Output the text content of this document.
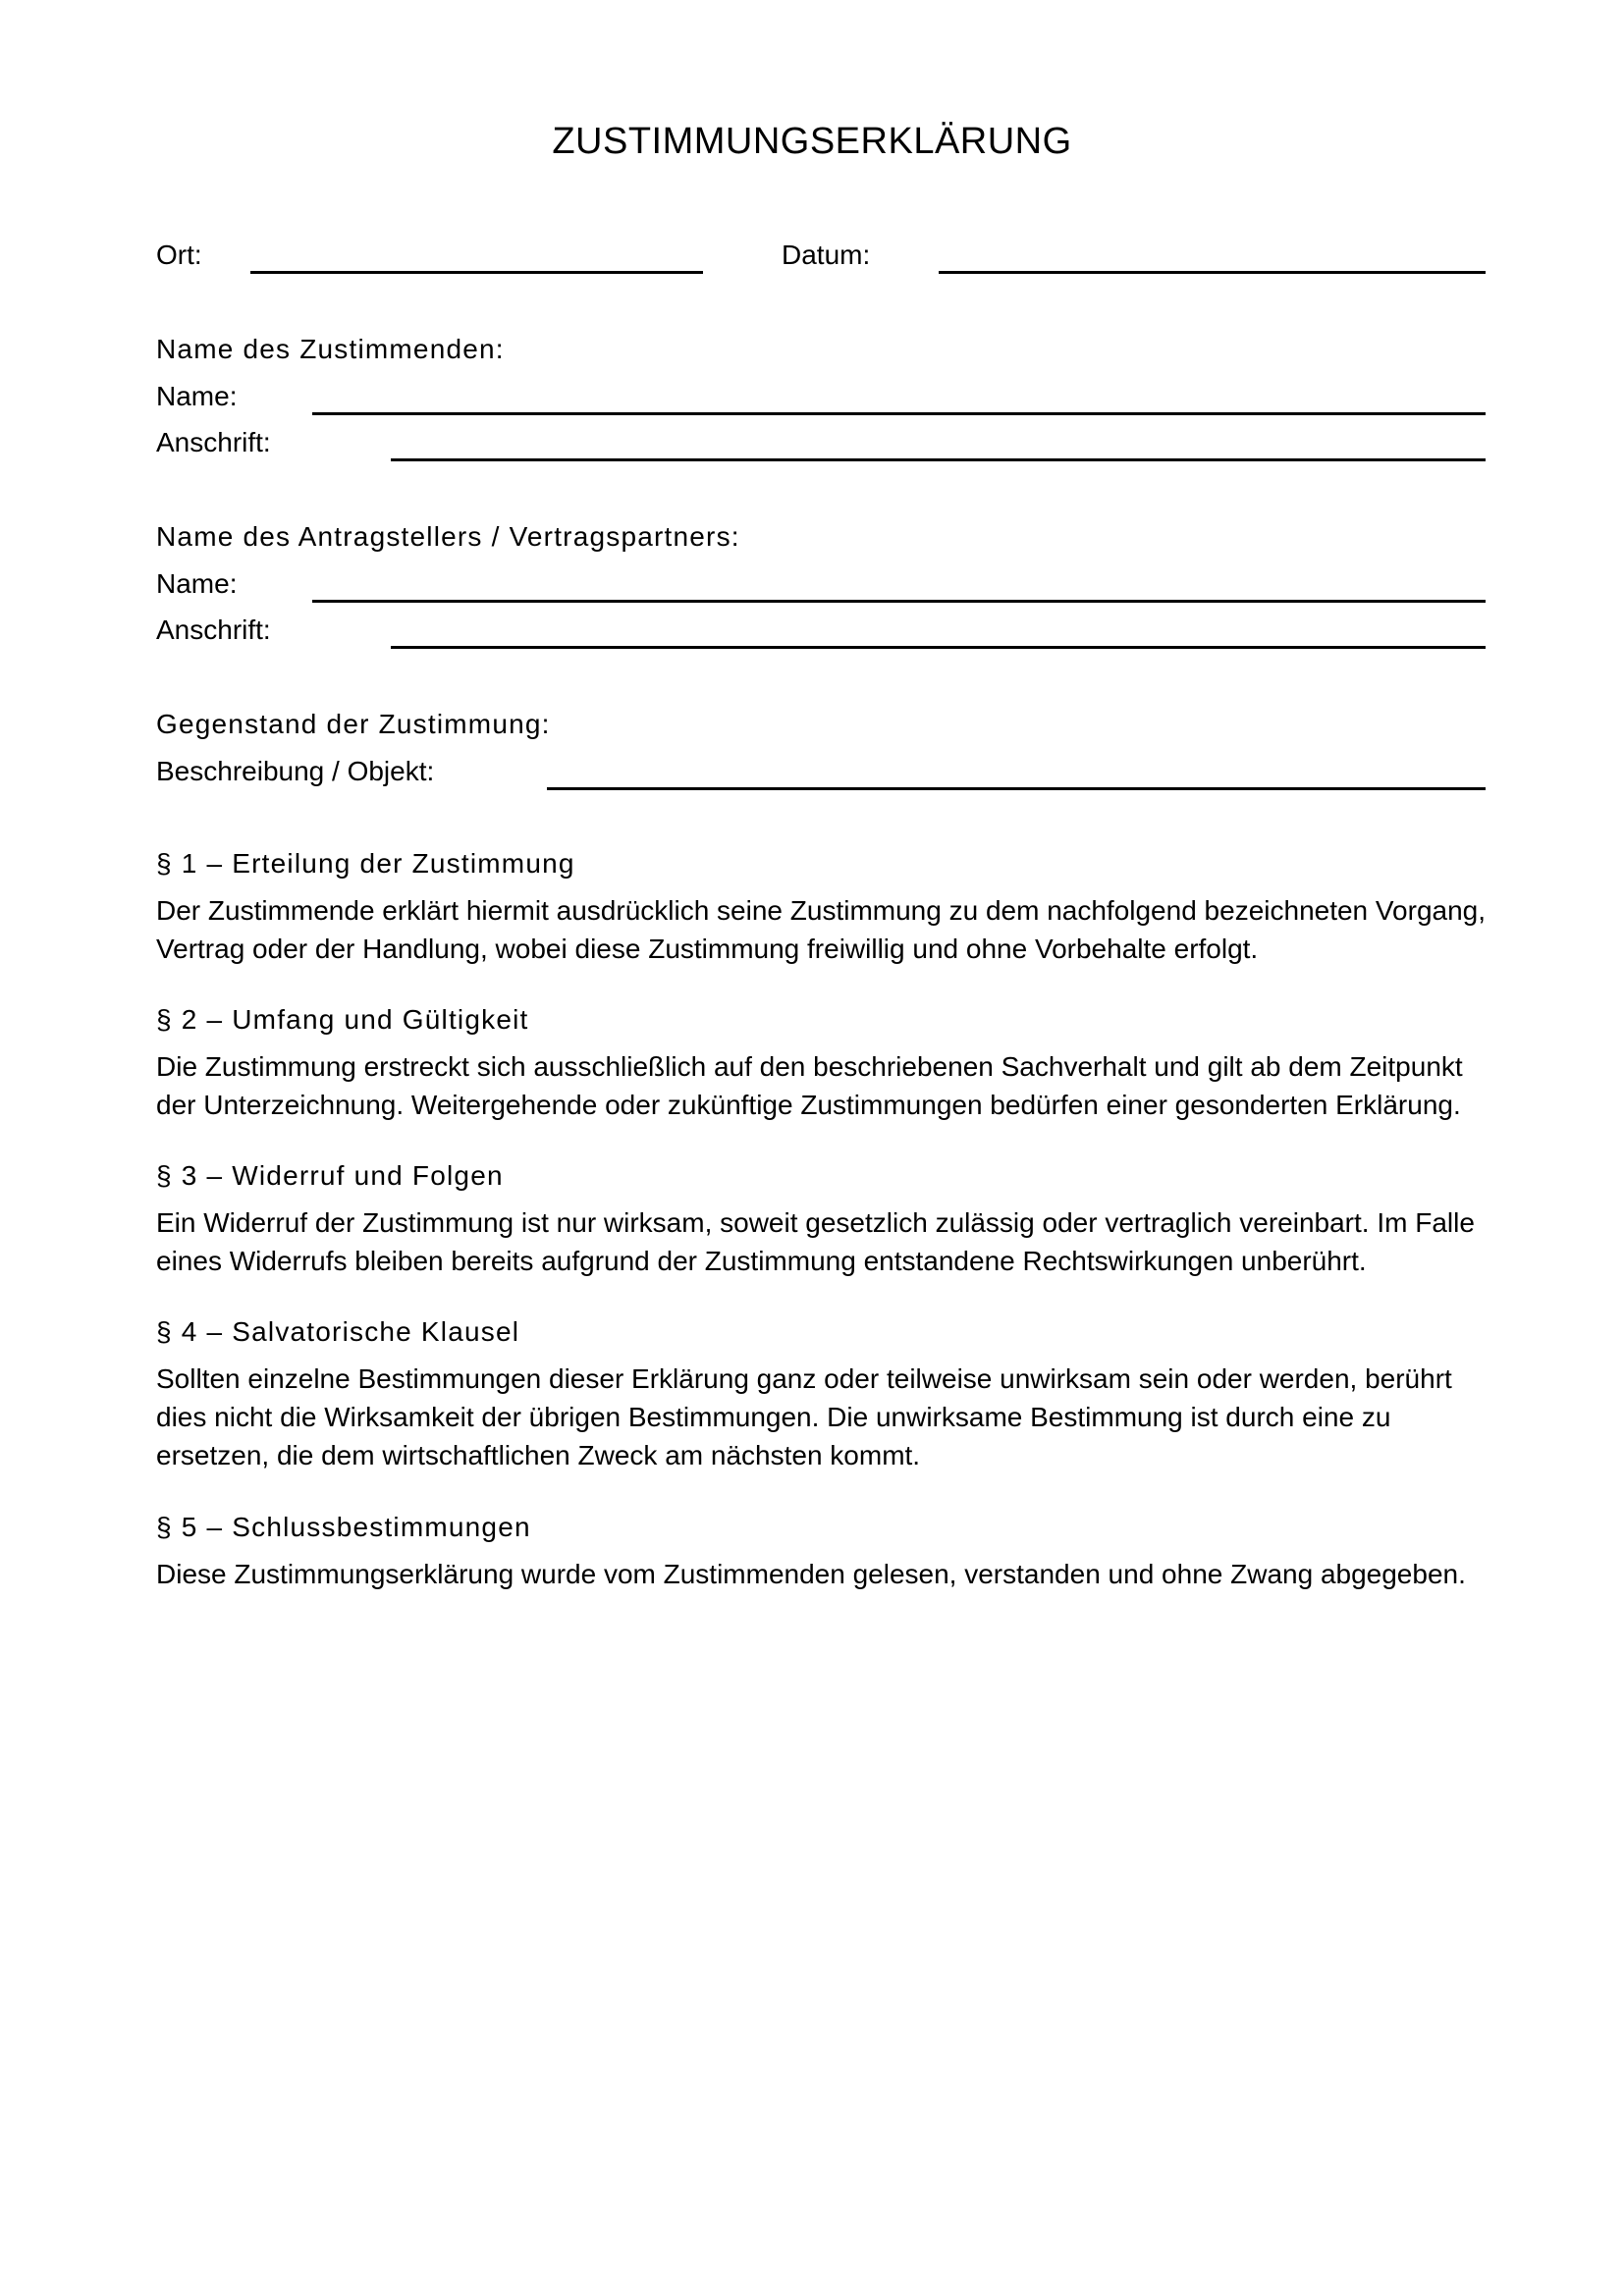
ZUSTIMMUNGSERKLÄRUNG
Ort:	Datum:
Name des Zustimmenden:
Name:
Anschrift:
Name des Antragstellers / Vertragspartners:
Name:
Anschrift:
Gegenstand der Zustimmung:
Beschreibung / Objekt:
§ 1 – Erteilung der Zustimmung
Der Zustimmende erklärt hiermit ausdrücklich seine Zustimmung zu dem nachfolgend bezeichneten Vorgang, Vertrag oder der Handlung, wobei diese Zustimmung freiwillig und ohne Vorbehalte erfolgt.
§ 2 – Umfang und Gültigkeit
Die Zustimmung erstreckt sich ausschließlich auf den beschriebenen Sachverhalt und gilt ab dem Zeitpunkt der Unterzeichnung. Weitergehende oder zukünftige Zustimmungen bedürfen einer gesonderten Erklärung.
§ 3 – Widerruf und Folgen
Ein Widerruf der Zustimmung ist nur wirksam, soweit gesetzlich zulässig oder vertraglich vereinbart. Im Falle eines Widerrufs bleiben bereits aufgrund der Zustimmung entstandene Rechtswirkungen unberührt.
§ 4 – Salvatorische Klausel
Sollten einzelne Bestimmungen dieser Erklärung ganz oder teilweise unwirksam sein oder werden, berührt dies nicht die Wirksamkeit der übrigen Bestimmungen. Die unwirksame Bestimmung ist durch eine zu ersetzen, die dem wirtschaftlichen Zweck am nächsten kommt.
§ 5 – Schlussbestimmungen
Diese Zustimmungserklärung wurde vom Zustimmenden gelesen, verstanden und ohne Zwang abgegeben.
